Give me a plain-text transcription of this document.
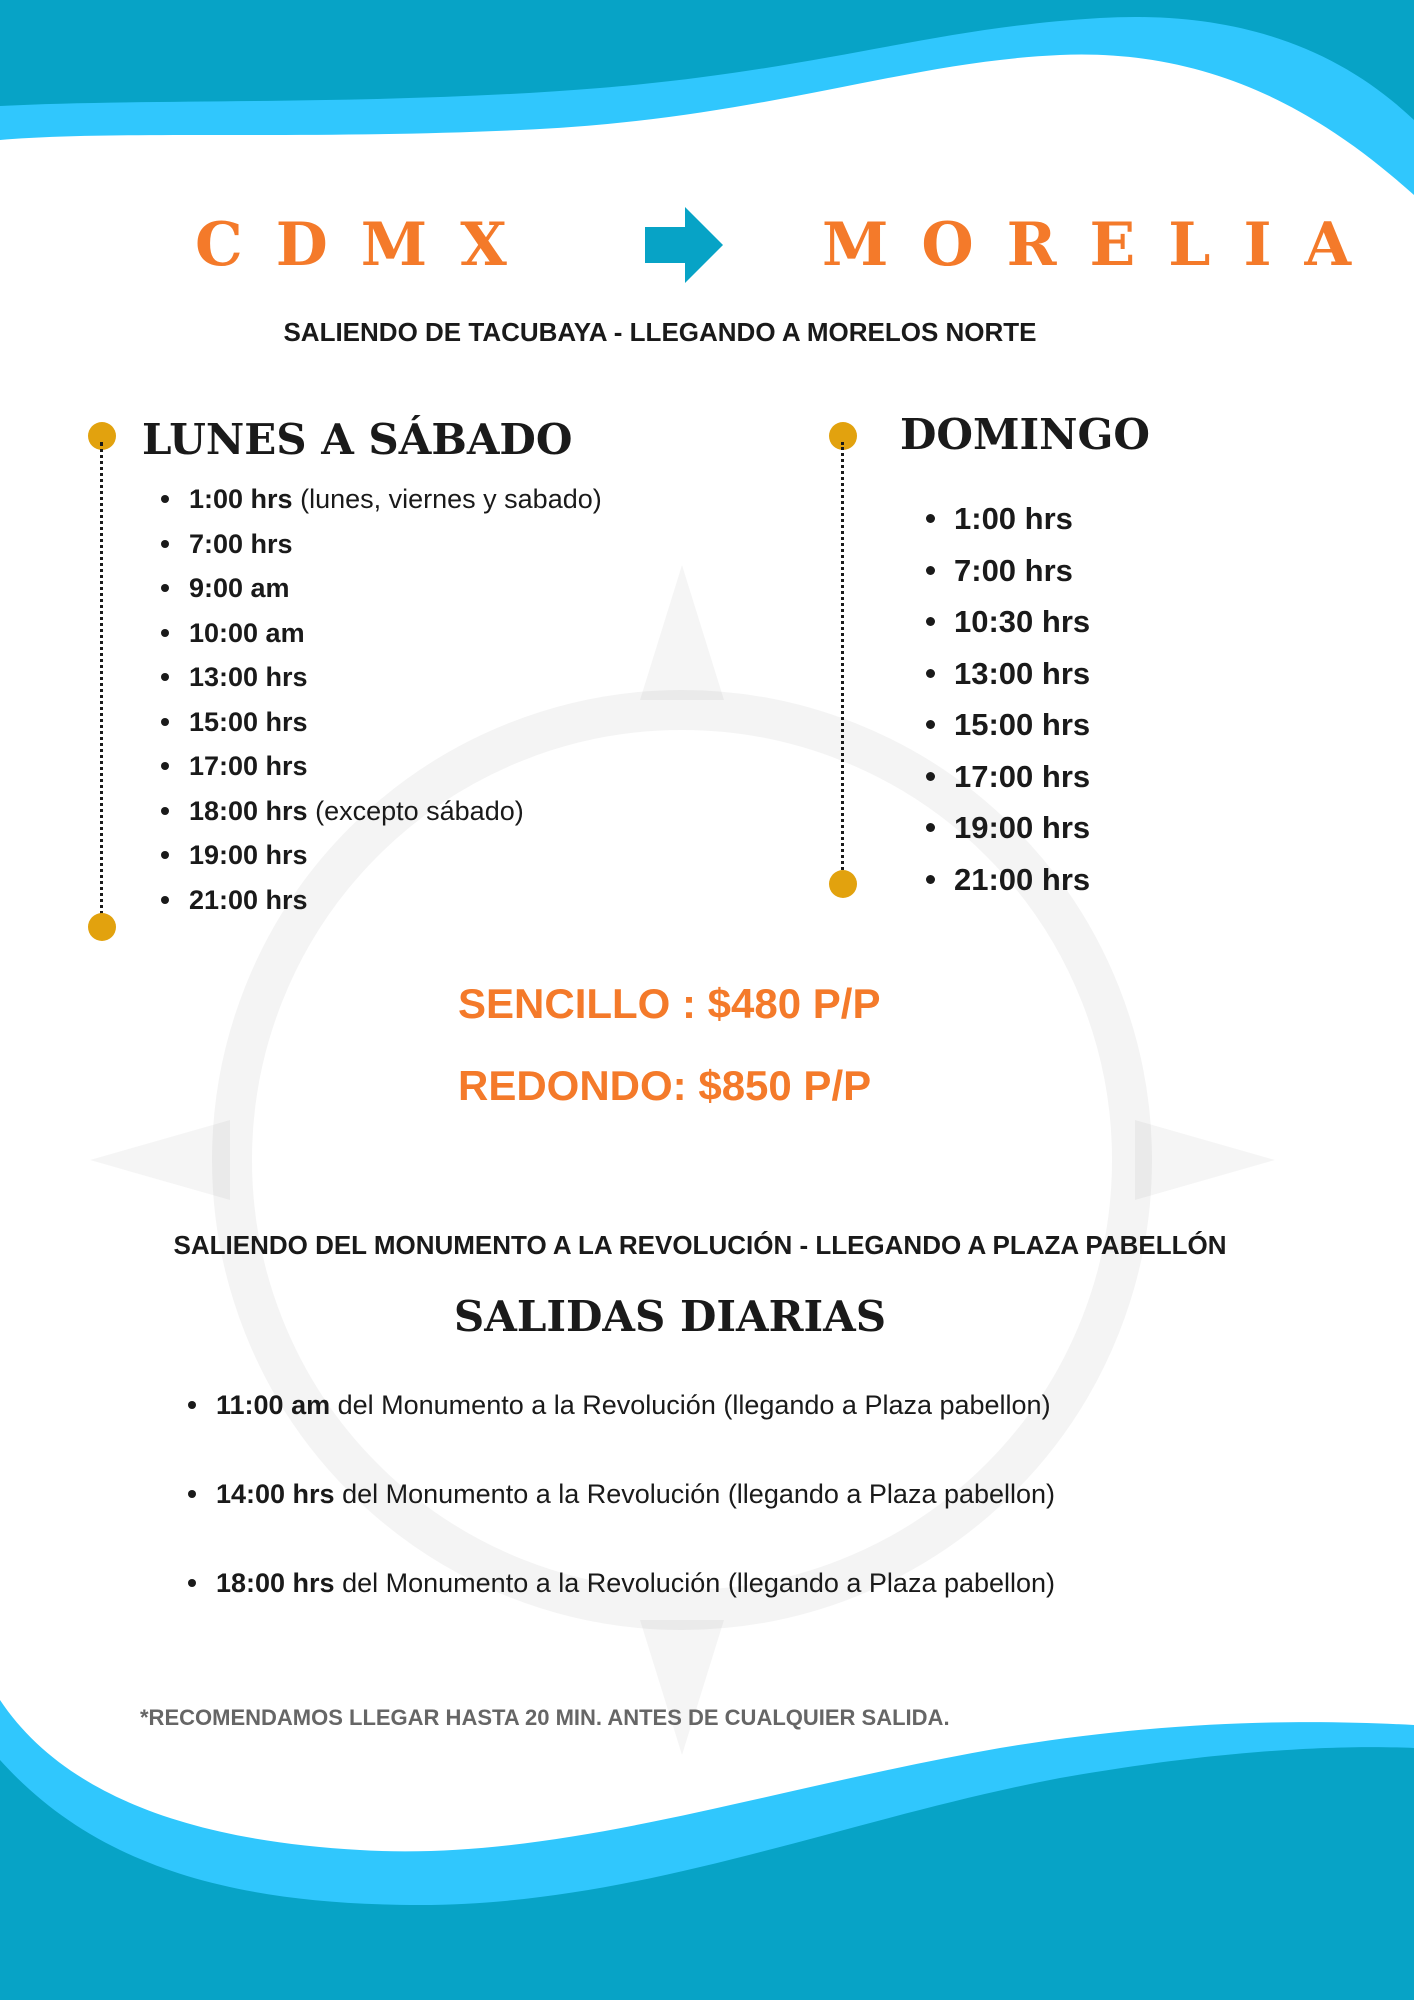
CDMX	MORELIA
SALIENDO DE TACUBAYA - LLEGANDO A MORELOS NORTE
LUNES A SÁBADO
1:00 hrs (lunes, viernes y sabado)
7:00 hrs
9:00 am
10:00 am
13:00 hrs
15:00 hrs
17:00 hrs
18:00 hrs (excepto sábado)
19:00 hrs
21:00 hrs
DOMINGO
1:00 hrs
7:00 hrs
10:30 hrs
13:00 hrs
15:00 hrs
17:00 hrs
19:00 hrs
21:00 hrs
SENCILLO : $480 P/P
REDONDO: $850 P/P
SALIENDO DEL MONUMENTO A LA REVOLUCIÓN - LLEGANDO A PLAZA PABELLÓN
SALIDAS DIARIAS
11:00 am del Monumento a la Revolución (llegando a Plaza pabellon)
14:00 hrs del Monumento a la Revolución (llegando a Plaza pabellon)
18:00 hrs del Monumento a la Revolución (llegando a Plaza pabellon)
*RECOMENDAMOS LLEGAR HASTA 20 MIN. ANTES DE CUALQUIER SALIDA.
